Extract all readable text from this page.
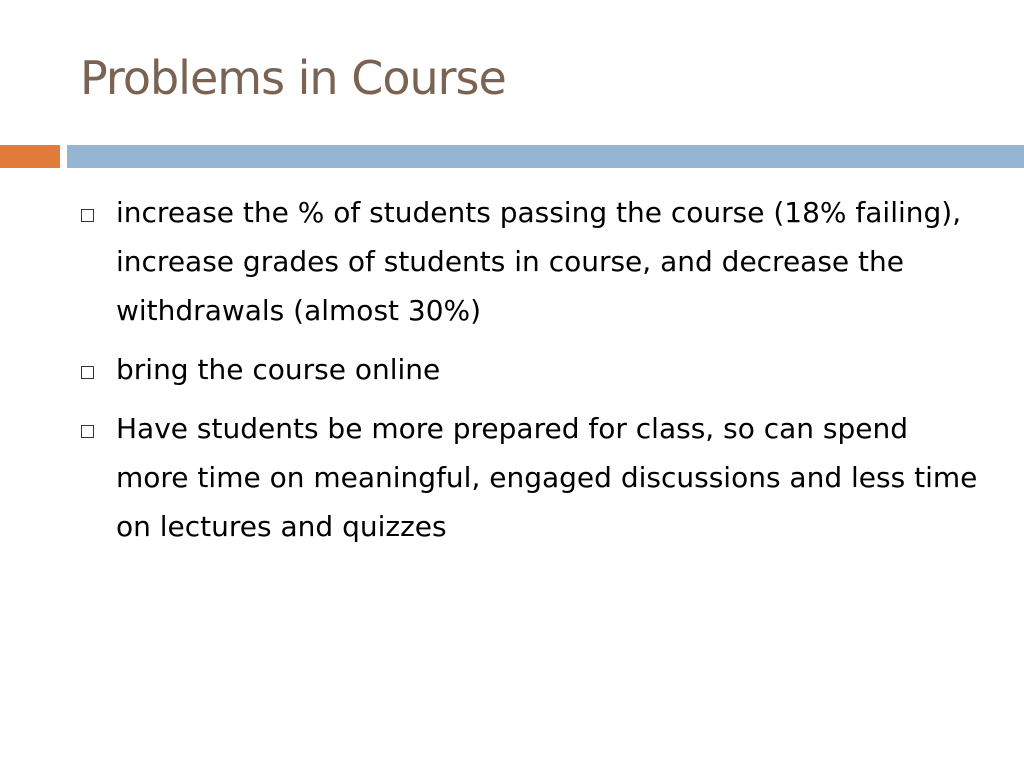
Problems in Course
increase the % of students passing the course (18% failing), increase grades of students in course, and decrease the withdrawals (almost 30%)
bring the course online
Have students be more prepared for class, so can spend more time on meaningful, engaged discussions and less time on lectures and quizzes
